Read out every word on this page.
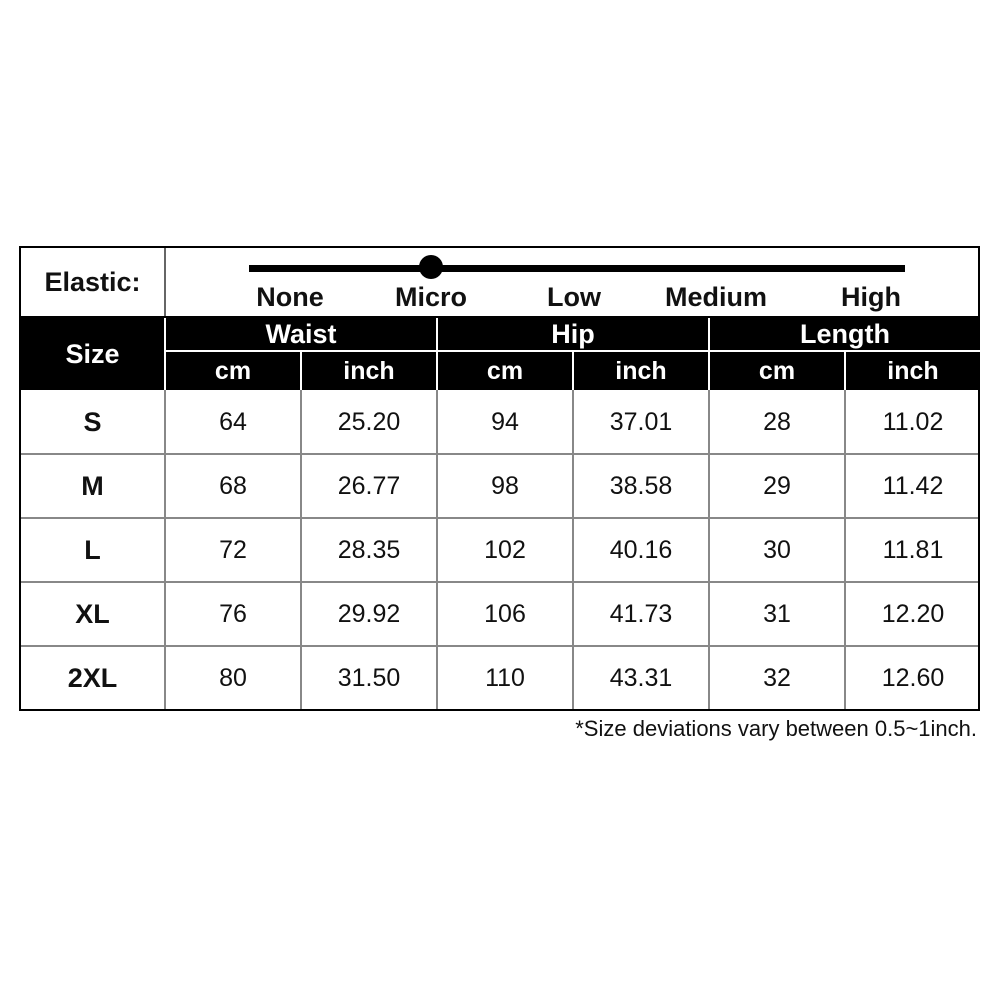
Elastic:
None	Micro	Low Medium	High
Size
Waist	Hip	Length
cm	inch	cm	inch	cm	inch
S	64	25.20	94	37.01	28	11.02
M	68	26.77	98	38.58	29	11.42
L	72	28.35	102	40.16	30	11.81
XL	76	29.92	106	41.73	31	12.20
2XL	80	31.50	110	43.31	32	12.60
*Size deviations vary between 0.5~1inch.
